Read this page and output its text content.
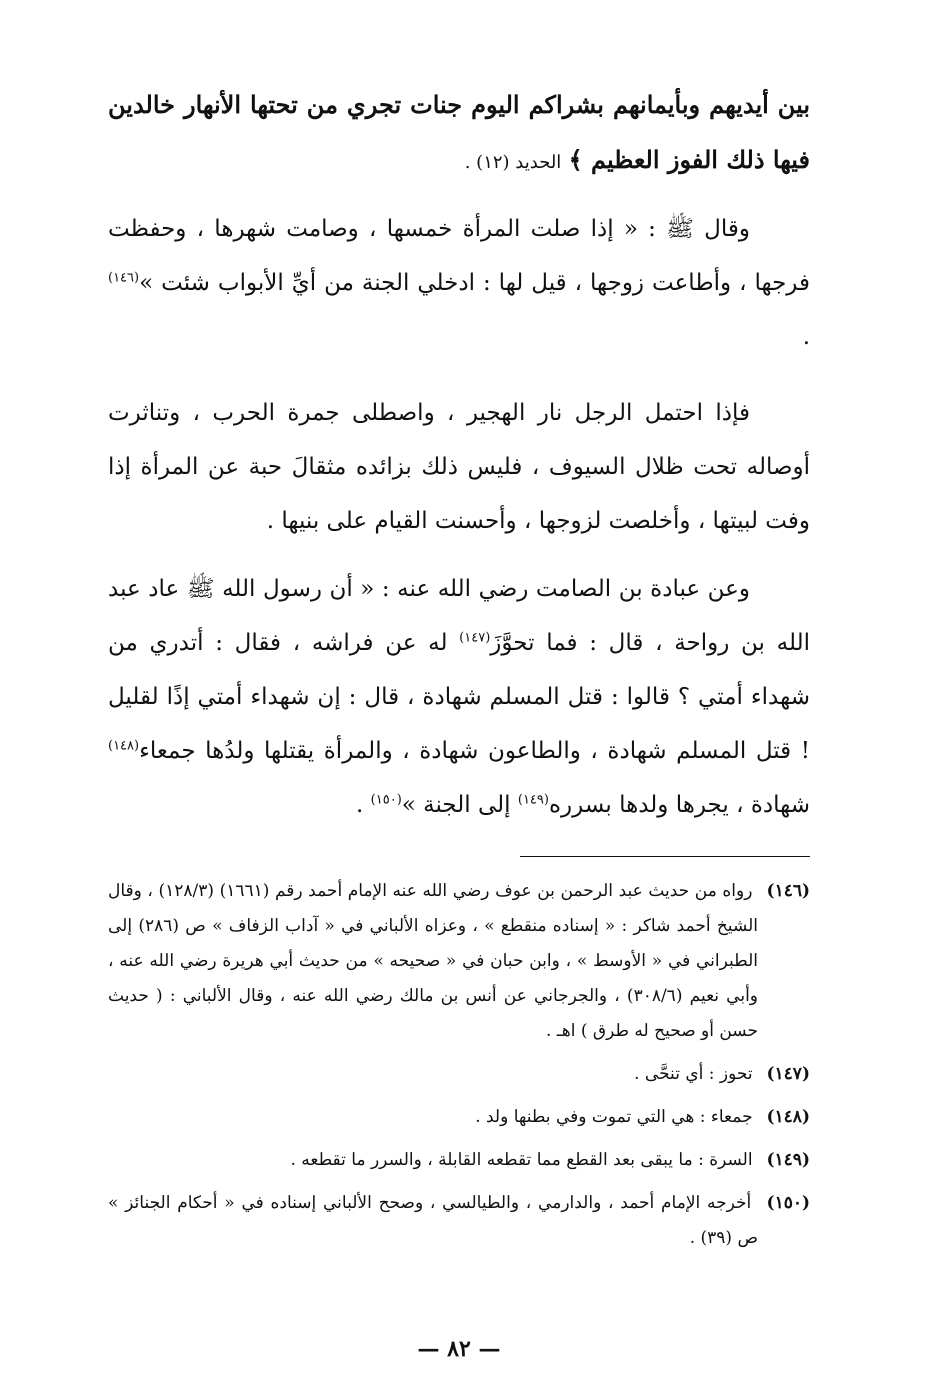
بين أيديهم وبأيمانهم بشراكم اليوم جنات تجري من تحتها الأنهار خالدين فيها ذلك الفوز العظيم ﴾ الحديد (١٢) .

وقال ﷺ : « إذا صلت المرأة خمسها ، وصامت شهرها ، وحفظت فرجها ، وأطاعت زوجها ، قيل لها : ادخلي الجنة من أيِّ الأبواب شئت »$^{(١٤٦)}$ .

فإذا احتمل الرجل نار الهجير ، واصطلى جمرة الحرب ، وتناثرت أوصاله تحت ظلال السيوف ، فليس ذلك بزائده مثقالَ حبة عن المرأة إذا وفت لبيتها ، وأخلصت لزوجها ، وأحسنت القيام على بنيها .

وعن عبادة بن الصامت رضي الله عنه : « أن رسول الله ﷺ عاد عبد الله بن رواحة ، قال : فما تحوَّزَ$^{(١٤٧)}$ له عن فراشه ، فقال : أتدري من شهداء أمتي ؟ قالوا : قتل المسلم شهادة ، قال : إن شهداء أمتي إذًا لقليل ! قتل المسلم شهادة ، والطاعون شهادة ، والمرأة يقتلها ولدُها جمعاء$^{(١٤٨)}$ شهادة ، يجرها ولدها بسرره$^{(١٤٩)}$ إلى الجنة »$^{(١٥٠)}$ .

(١٤٦) رواه من حديث عبد الرحمن بن عوف رضي الله عنه الإمام أحمد رقم (١٦٦١) (١٢٨/٣) ، وقال الشيخ أحمد شاكر : « إسناده منقطع » ، وعزاه الألباني في « آداب الزفاف » ص (٢٨٦) إلى الطبراني في « الأوسط » ، وابن حبان في « صحيحه » من حديث أبي هريرة رضي الله عنه ، وأبي نعيم (٣٠٨/٦) ، والجرجاني عن أنس بن مالك رضي الله عنه ، وقال الألباني : ( حديث حسن أو صحيح له طرق ) اهـ .

(١٤٧) تحوز : أي تنحَّى .

(١٤٨) جمعاء : هي التي تموت وفي بطنها ولد .

(١٤٩) السرة : ما يبقى بعد القطع مما تقطعه القابلة ، والسرر ما تقطعه .

(١٥٠) أخرجه الإمام أحمد ، والدارمي ، والطيالسي ، وصحح الألباني إسناده في « أحكام الجنائز » ص (٣٩) .

— ٨٢ —
